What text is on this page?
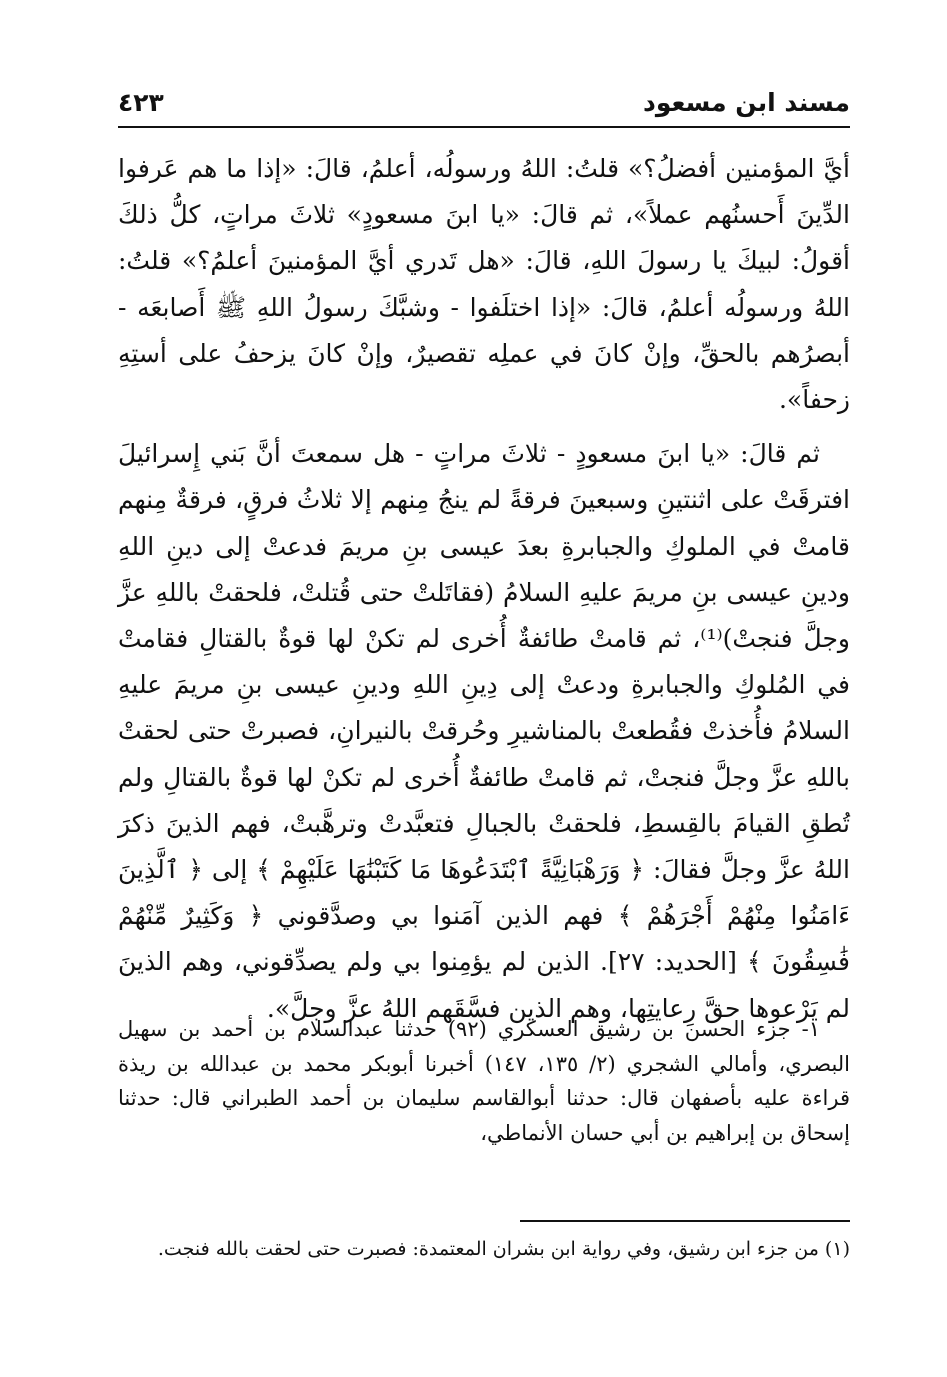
مسند ابن مسعود
٤٢٣

أيَّ المؤمنين أفضلُ؟» قلتُ: اللهُ ورسولُه، أعلمُ، قالَ: «إذا ما هم عَرفوا الدِّينَ أَحسنُهم عملاً»، ثم قالَ: «يا ابنَ مسعودٍ» ثلاثَ مراتٍ، كلُّ ذلكَ أقولُ: لبيكَ يا رسولَ اللهِ، قالَ: «هل تَدري أيَّ المؤمنينَ أعلمُ؟» قلتُ: اللهُ ورسولُه أعلمُ، قالَ: «إذا اختلَفوا - وشبَّكَ رسولُ اللهِ ﷺ أَصابعَه - أبصرُهم بالحقِّ، وإنْ كانَ في عملِه تقصيرٌ، وإنْ كانَ يزحفُ على أستِهِ زحفاً».

ثم قالَ: «يا ابنَ مسعودٍ - ثلاثَ مراتٍ - هل سمعتَ أنَّ بَني إِسرائيلَ افترقَتْ على اثنتينِ وسبعينَ فرقةً لم ينجُ مِنهم إلا ثلاثُ فرقٍ، فرقةٌ مِنهم قامتْ في الملوكِ والجبابرةِ بعدَ عيسى بنِ مريمَ فدعتْ إلى دينِ اللهِ ودينِ عيسى بنِ مريمَ عليهِ السلامُ (فقاتَلتْ حتى قُتلتْ، فلحقتْ باللهِ عزَّ وجلَّ فنجتْ)⁽¹⁾، ثم قامتْ طائفةٌ أُخرى لم تكنْ لها قوةٌ بالقتالِ فقامتْ في المُلوكِ والجبابرةِ ودعتْ إلى دِينِ اللهِ ودينِ عيسى بنِ مريمَ عليهِ السلامُ فأُخذتْ فقُطعتْ بالمناشيرِ وحُرقتْ بالنيرانِ، فصبرتْ حتى لحقتْ باللهِ عزَّ وجلَّ فنجتْ، ثم قامتْ طائفةٌ أُخرى لم تكنْ لها قوةٌ بالقتالِ ولم تُطقِ القيامَ بالقِسطِ، فلحقتْ بالجبالِ فتعبَّدتْ وترهَّبتْ، فهم الذينَ ذكرَ اللهُ عزَّ وجلَّ فقالَ: ﴿ وَرَهْبَانِيَّةً ٱبْتَدَعُوهَا مَا كَتَبْنَٰهَا عَلَيْهِمْ ﴾ إلى ﴿ ٱلَّذِينَ ءَامَنُوا مِنْهُمْ أَجْرَهُمْ ﴾ فهم الذين آمَنوا بي وصدَّقوني ﴿ وَكَثِيرٌ مِّنْهُمْ فَٰسِقُونَ ﴾ [الحديد: ٢٧]. الذين لم يؤمِنوا بي ولم يصدِّقوني، وهم الذينَ لم يَرْعوها حقَّ رِعايتِها، وهم الذين فسَّقَهم اللهُ عزَّ وجلَّ».

١- جزء الحسن بن رشيق العسكري (٩٢) حدثنا عبدالسلام بن أحمد بن سهيل البصري، وأمالي الشجري (٢/ ١٣٥، ١٤٧) أخبرنا أبوبكر محمد بن عبدالله بن ريذة قراءة عليه بأصفهان قال: حدثنا أبوالقاسم سليمان بن أحمد الطبراني قال: حدثنا إسحاق بن إبراهيم بن أبي حسان الأنماطي،
(١) من جزء ابن رشيق، وفي رواية ابن بشران المعتمدة: فصبرت حتى لحقت بالله فنجت.
